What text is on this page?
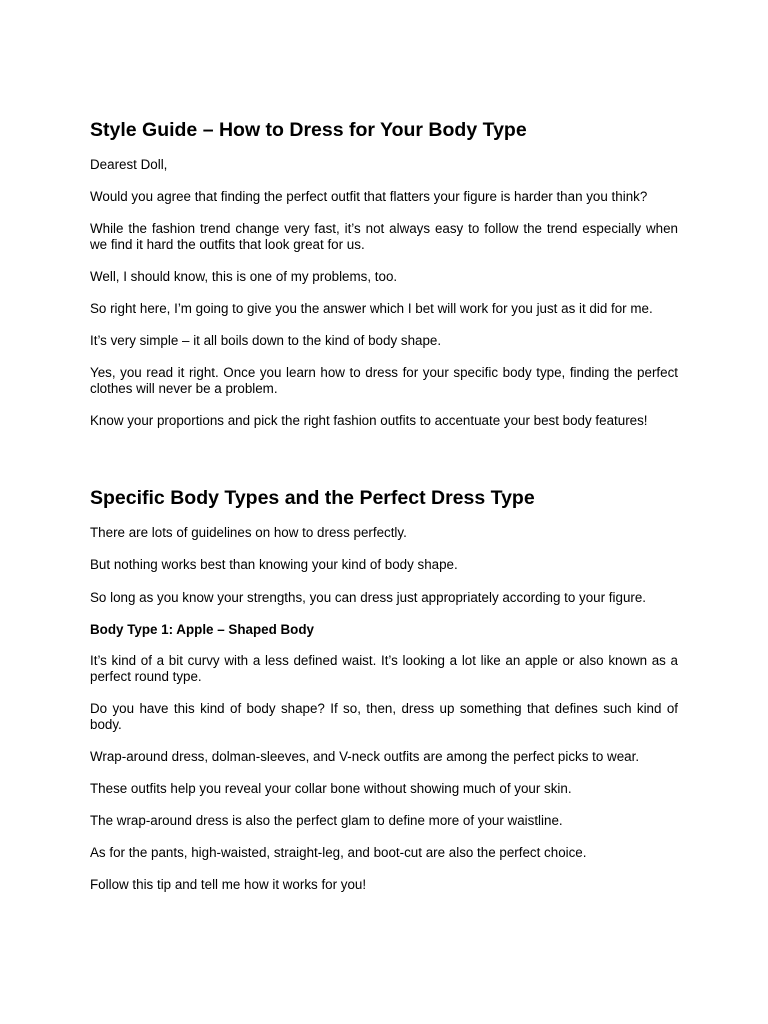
Style Guide – How to Dress for Your Body Type

Dearest Doll,

Would you agree that finding the perfect outfit that flatters your figure is harder than you think?

While the fashion trend change very fast, it’s not always easy to follow the trend especially when we find it hard the outfits that look great for us.

Well, I should know, this is one of my problems, too.

So right here, I’m going to give you the answer which I bet will work for you just as it did for me.

It’s very simple – it all boils down to the kind of body shape.

Yes, you read it right. Once you learn how to dress for your specific body type, finding the perfect clothes will never be a problem.

Know your proportions and pick the right fashion outfits to accentuate your best body features!

Specific Body Types and the Perfect Dress Type

There are lots of guidelines on how to dress perfectly.

But nothing works best than knowing your kind of body shape.

So long as you know your strengths, you can dress just appropriately according to your figure.

Body Type 1: Apple – Shaped Body

It’s kind of a bit curvy with a less defined waist. It’s looking a lot like an apple or also known as a perfect round type.

Do you have this kind of body shape? If so, then, dress up something that defines such kind of body.

Wrap-around dress, dolman-sleeves, and V-neck outfits are among the perfect picks to wear.

These outfits help you reveal your collar bone without showing much of your skin.

The wrap-around dress is also the perfect glam to define more of your waistline.

As for the pants, high-waisted, straight-leg, and boot-cut are also the perfect choice.

Follow this tip and tell me how it works for you!
